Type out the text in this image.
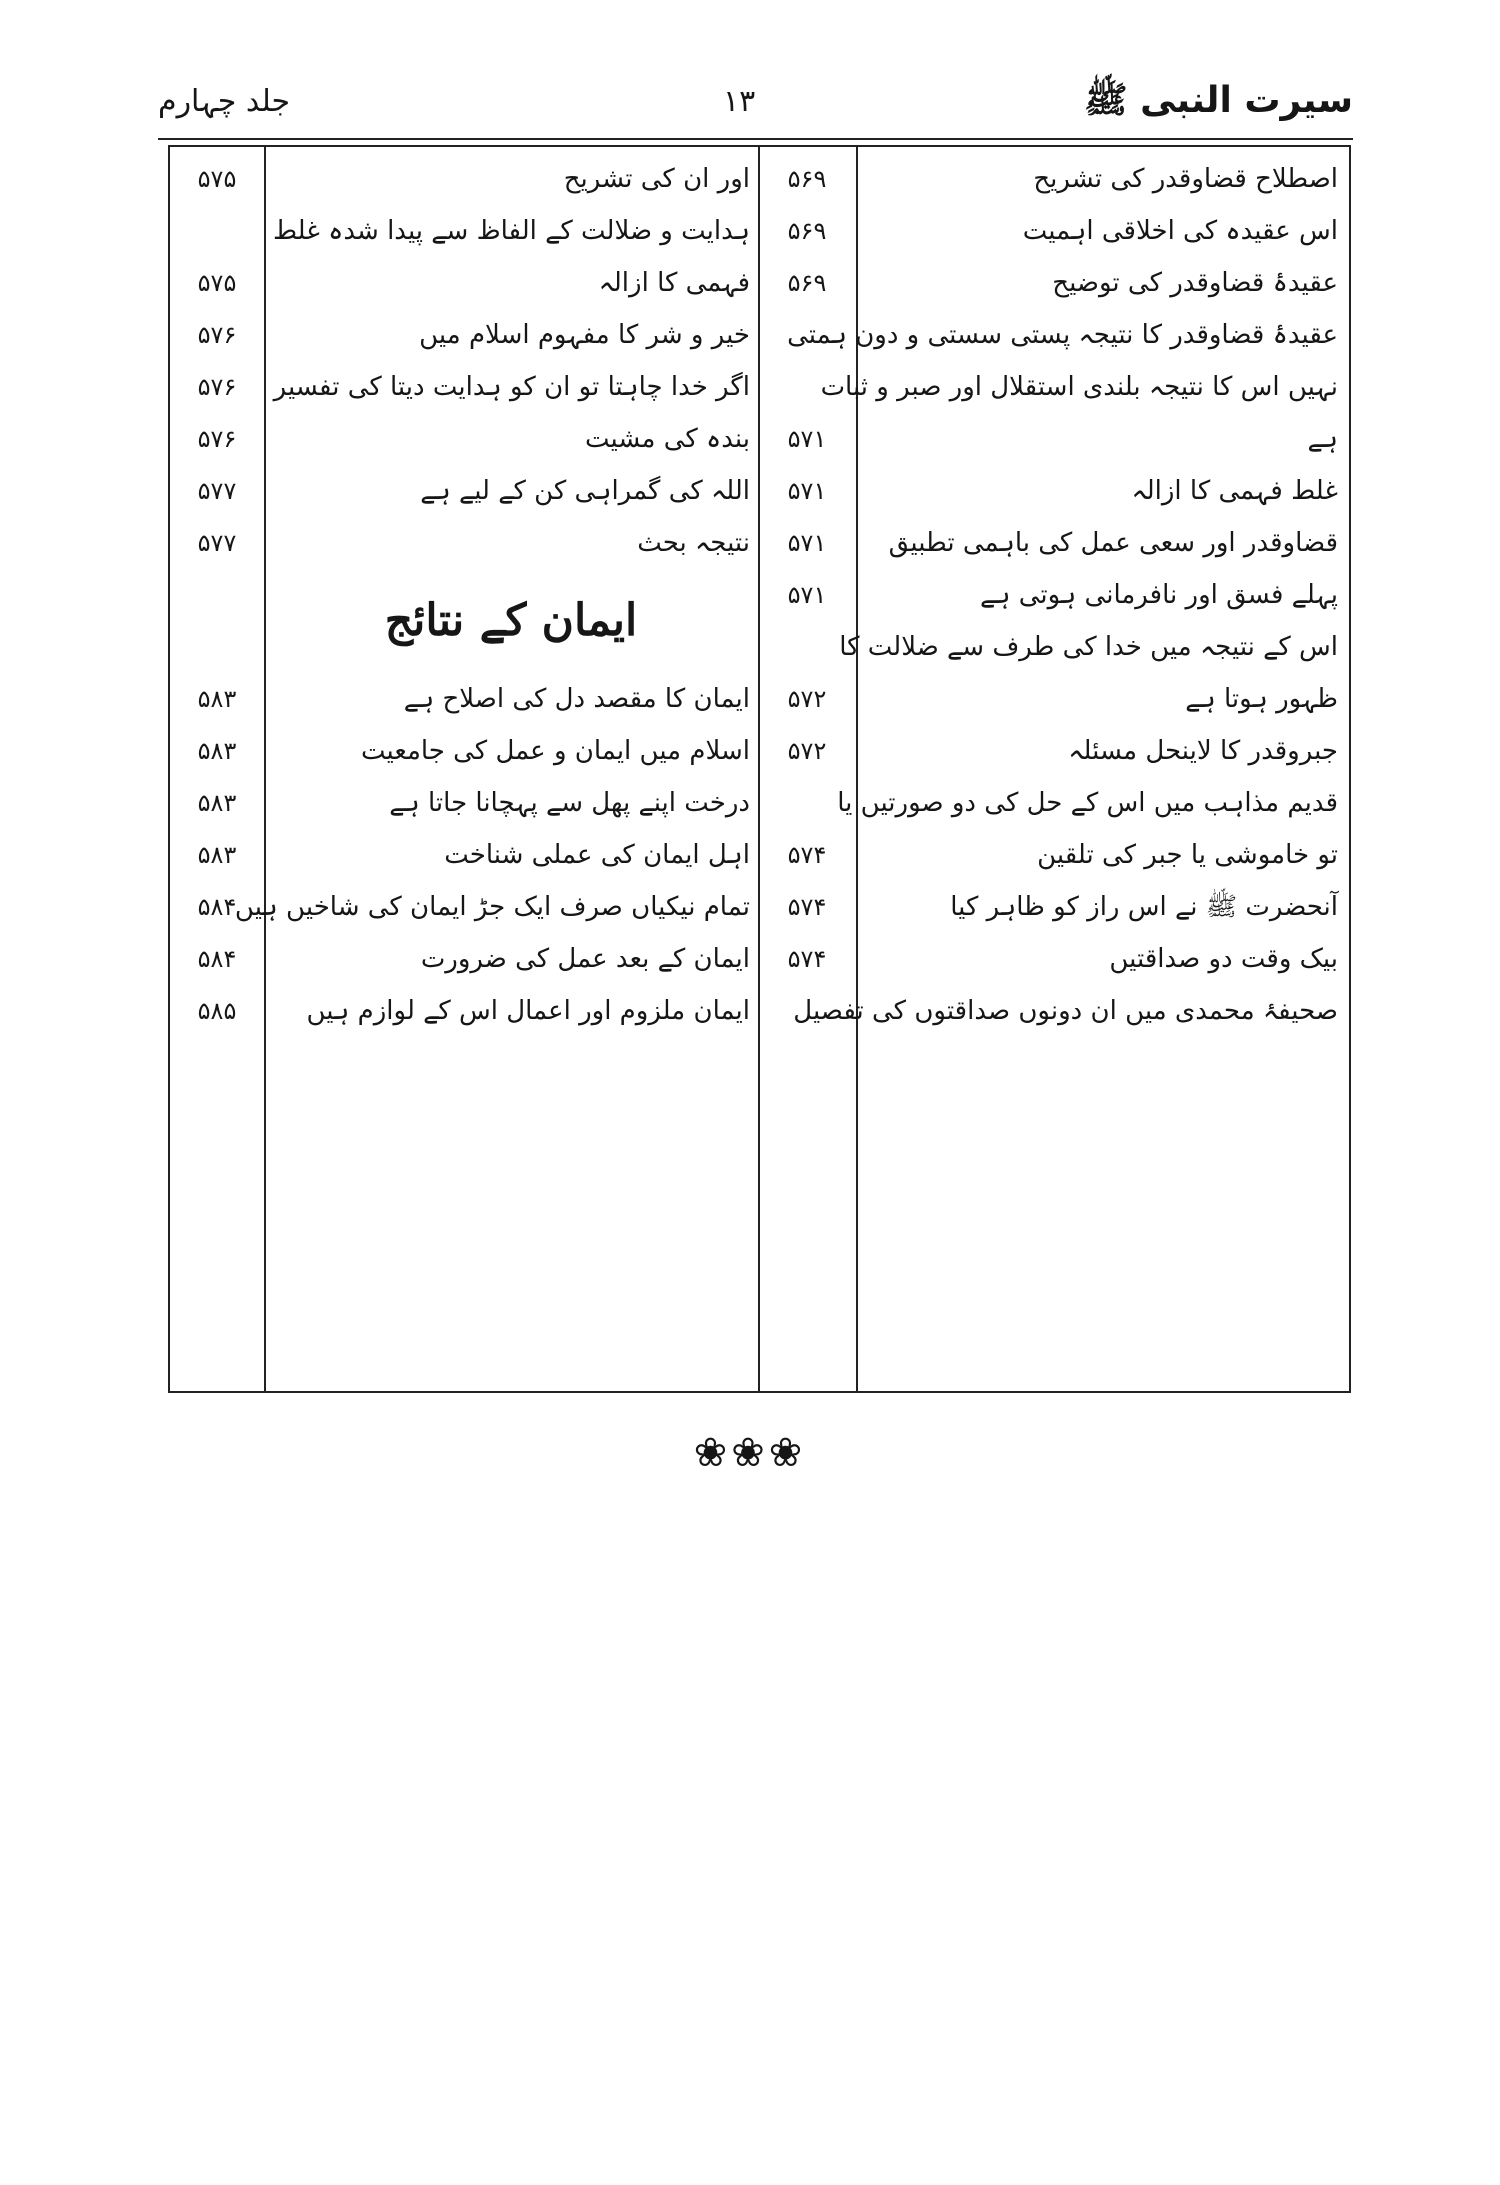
جلد چہارم	۱۳	سیرت النبی ﷺ
اصطلاح قضاوقدر کی تشریح
۵۶۹
اس عقیدہ کی اخلاقی اہمیت
۵۶۹
عقیدۂ قضاوقدر کی توضیح
۵۶۹
عقیدۂ قضاوقدر کا نتیجہ پستی سستی و دون ہمتی
نہیں اس کا نتیجہ بلندی استقلال اور صبر و ثبات
ہے
۵۷۱
غلط فہمی کا ازالہ
۵۷۱
قضاوقدر اور سعی عمل کی باہمی تطبیق
۵۷۱
پہلے فسق اور نافرمانی ہوتی ہے
۵۷۱
اس کے نتیجہ میں خدا کی طرف سے ضلالت کا
ظہور ہوتا ہے
۵۷۲
جبروقدر کا لاینحل مسئلہ
۵۷۲
قدیم مذاہب میں اس کے حل کی دو صورتیں یا
تو خاموشی یا جبر کی تلقین
۵۷۴
آنحضرت ﷺ نے اس راز کو ظاہر کیا
۵۷۴
بیک وقت دو صداقتیں
۵۷۴
صحیفۂ محمدی میں ان دونوں صداقتوں کی تفصیل
اور ان کی تشریح
۵۷۵
ہدایت و ضلالت کے الفاظ سے پیدا شدہ غلط
فہمی کا ازالہ
۵۷۵
خیر و شر کا مفہوم اسلام میں
۵۷۶
اگر خدا چاہتا تو ان کو ہدایت دیتا کی تفسیر
۵۷۶
بندہ کی مشیت
۵۷۶
اللہ کی گمراہی کن کے لیے ہے
۵۷۷
نتیجہ بحث
۵۷۷
ایمان کے نتائج
ایمان کا مقصد دل کی اصلاح ہے
۵۸۳
اسلام میں ایمان و عمل کی جامعیت
۵۸۳
درخت اپنے پھل سے پہچانا جاتا ہے
۵۸۳
اہل ایمان کی عملی شناخت
۵۸۳
تمام نیکیاں صرف ایک جڑ ایمان کی شاخیں ہیں
۵۸۴
ایمان کے بعد عمل کی ضرورت
۵۸۴
ایمان ملزوم اور اعمال اس کے لوازم ہیں
۵۸۵
❀❀❀
